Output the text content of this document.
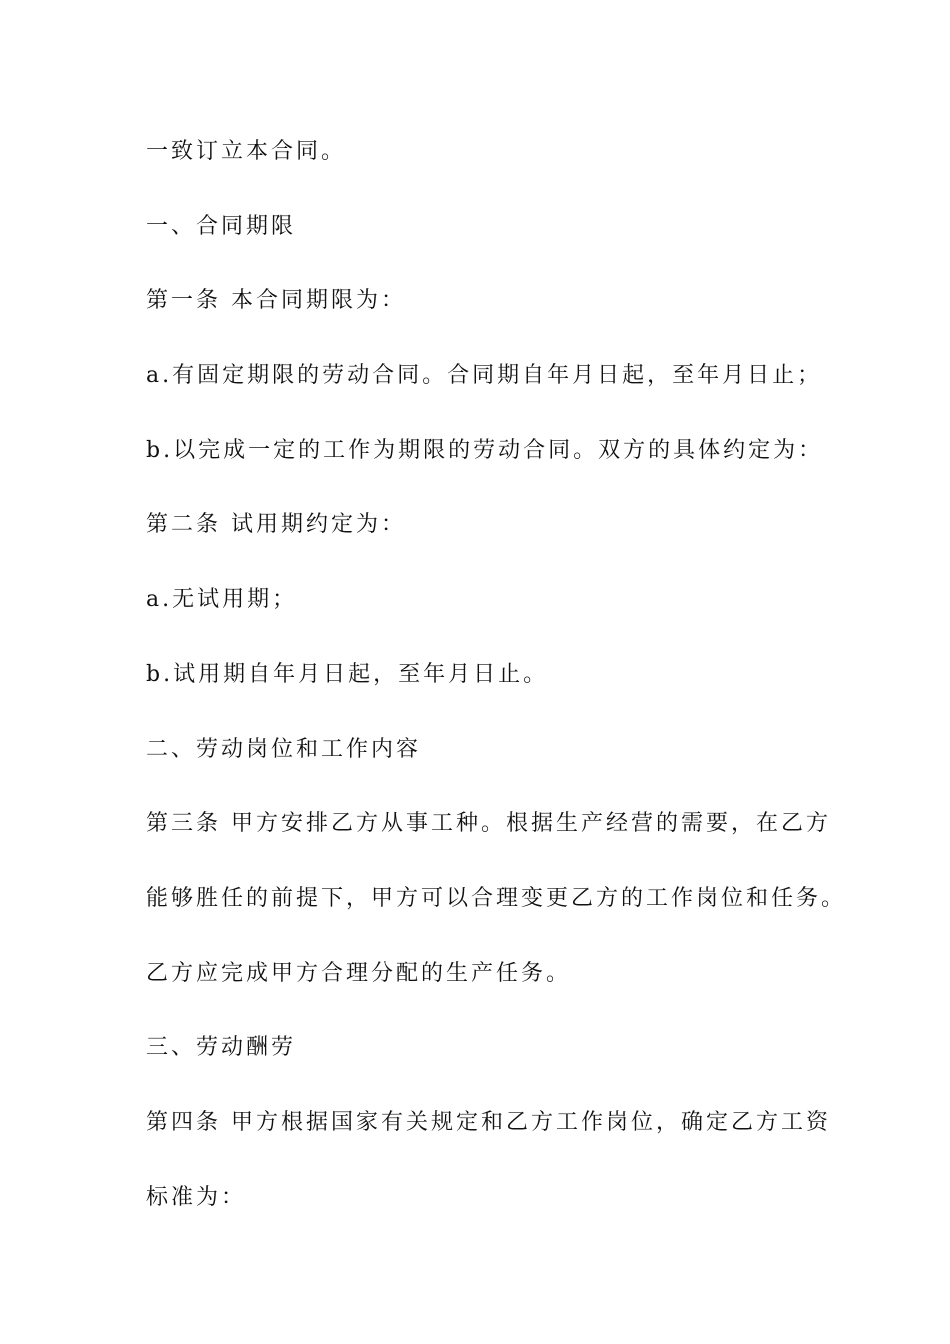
一致订立本合同。
一、合同期限
第一条 本合同期限为：
a.有固定期限的劳动合同。合同期自年月日起，至年月日止；
b.以完成一定的工作为期限的劳动合同。双方的具体约定为：
第二条 试用期约定为：
a.无试用期；
b.试用期自年月日起，至年月日止。
二、劳动岗位和工作内容
第三条 甲方安排乙方从事工种。根据生产经营的需要，在乙方
能够胜任的前提下，甲方可以合理变更乙方的工作岗位和任务。
乙方应完成甲方合理分配的生产任务。
三、劳动酬劳
第四条 甲方根据国家有关规定和乙方工作岗位，确定乙方工资
标准为：
